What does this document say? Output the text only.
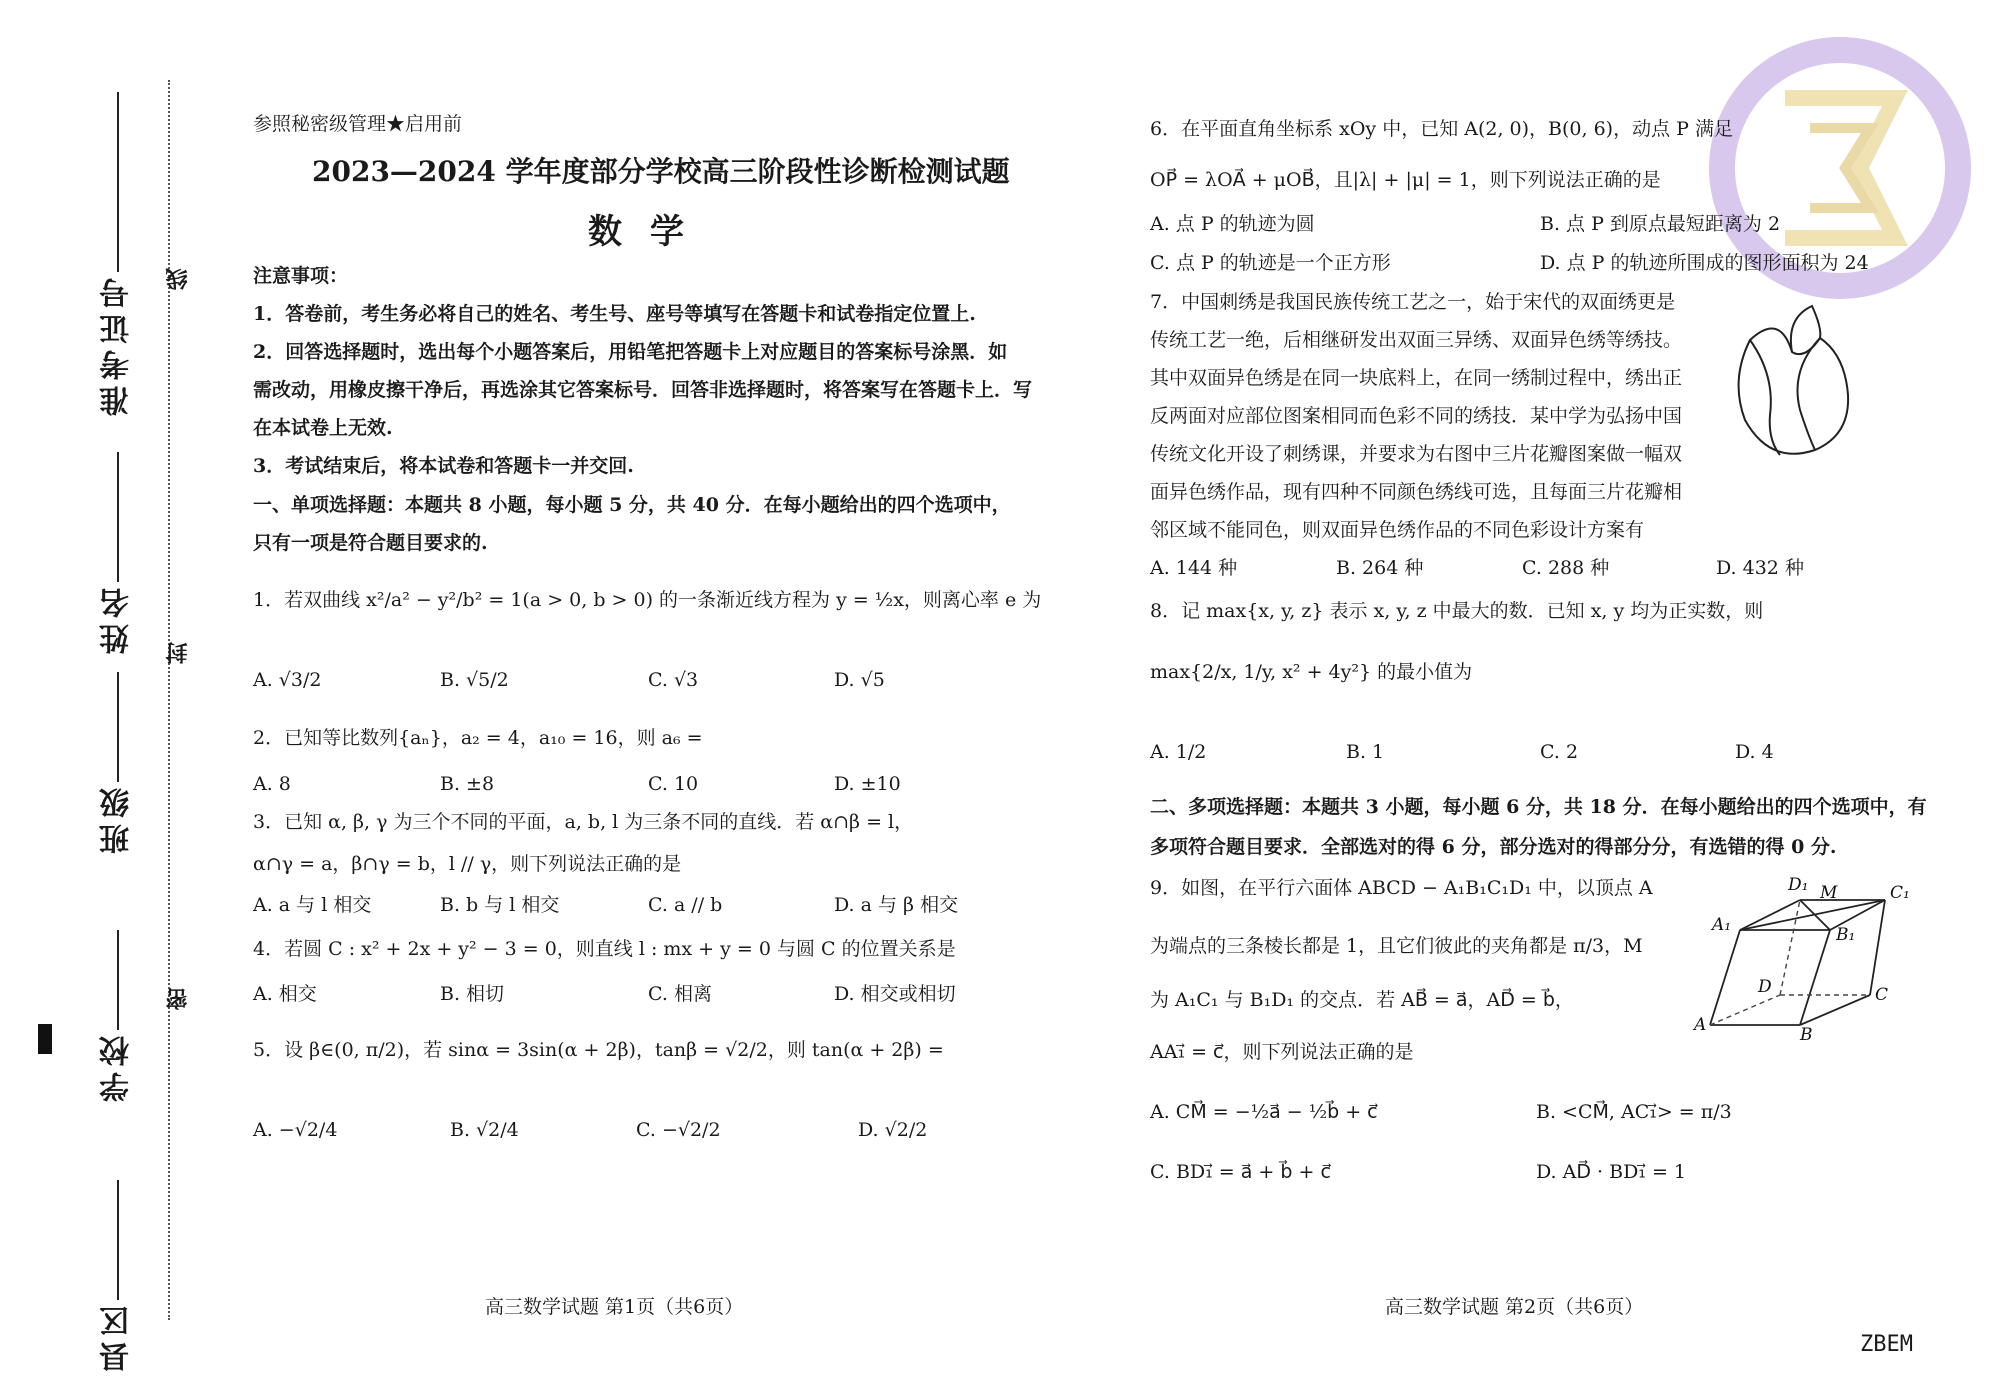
准考证号
姓名
班级
学校
县区
线
封
密
参照秘密级管理★启用前
2023—2024 学年度部分学校高三阶段性诊断检测试题
数学
注意事项：
1．答卷前，考生务必将自己的姓名、考生号、座号等填写在答题卡和试卷指定位置上.
2．回答选择题时，选出每个小题答案后，用铅笔把答题卡上对应题目的答案标号涂黑．如
需改动，用橡皮擦干净后，再选涂其它答案标号．回答非选择题时，将答案写在答题卡上．写
在本试卷上无效.
3．考试结束后，将本试卷和答题卡一并交回.
一、单项选择题：本题共 8 小题，每小题 5 分，共 40 分．在每小题给出的四个选项中，
只有一项是符合题目要求的.
1．若双曲线 x²/a² − y²/b² = 1(a > 0, b > 0) 的一条渐近线方程为 y = ½x，则离心率 e 为
A. √3/2	B. √5/2	C. √3	D. √5
2．已知等比数列{aₙ}，a₂ = 4，a₁₀ = 16，则 a₆ =
A. 8	B. ±8	C. 10	D. ±10
3．已知 α, β, γ 为三个不同的平面，a, b, l 为三条不同的直线．若 α∩β = l，
α∩γ = a，β∩γ = b，l // γ，则下列说法正确的是
A. a 与 l 相交	B. b 与 l 相交	C. a // b	D. a 与 β 相交
4．若圆 C : x² + 2x + y² − 3 = 0，则直线 l : mx + y = 0 与圆 C 的位置关系是
A. 相交	B. 相切	C. 相离	D. 相交或相切
5．设 β∈(0, π/2)，若 sinα = 3sin(α + 2β)，tanβ = √2/2，则 tan(α + 2β) =
A. −√2/4	B. √2/4	C. −√2/2	D. √2/2
高三数学试题 第1页（共6页）
6．在平面直角坐标系 xOy 中，已知 A(2, 0)，B(0, 6)，动点 P 满足
OP⃗ = λOA⃗ + μOB⃗，且|λ| + |μ| = 1，则下列说法正确的是
A. 点 P 的轨迹为圆	B. 点 P 到原点最短距离为 2
C. 点 P 的轨迹是一个正方形	D. 点 P 的轨迹所围成的图形面积为 24
7．中国刺绣是我国民族传统工艺之一，始于宋代的双面绣更是
传统工艺一绝，后相继研发出双面三异绣、双面异色绣等绣技。
其中双面异色绣是在同一块底料上，在同一绣制过程中，绣出正
反两面对应部位图案相同而色彩不同的绣技．某中学为弘扬中国
传统文化开设了刺绣课，并要求为右图中三片花瓣图案做一幅双
面异色绣作品，现有四种不同颜色绣线可选，且每面三片花瓣相
邻区域不能同色，则双面异色绣作品的不同色彩设计方案有
A. 144 种	B. 264 种	C. 288 种	D. 432 种
8．记 max{x, y, z} 表示 x, y, z 中最大的数．已知 x, y 均为正实数，则
max{2/x, 1/y, x² + 4y²} 的最小值为
A. 1/2	B. 1	C. 2	D. 4
二、多项选择题：本题共 3 小题，每小题 6 分，共 18 分．在每小题给出的四个选项中，有
多项符合题目要求．全部选对的得 6 分，部分选对的得部分分，有选错的得 0 分.
9．如图，在平行六面体 ABCD − A₁B₁C₁D₁ 中，以顶点 A
为端点的三条棱长都是 1，且它们彼此的夹角都是 π/3，M
为 A₁C₁ 与 B₁D₁ 的交点．若 AB⃗ = a⃗，AD⃗ = b⃗，
AA₁⃗ = c⃗，则下列说法正确的是
D₁ M	C₁
A₁	B₁
D	C
A	B
A. CM⃗ = −½a⃗ − ½b⃗ + c⃗	B. <CM⃗, AC₁⃗> = π/3
C. BD₁⃗ = a⃗ + b⃗ + c⃗	D. AD⃗ · BD₁⃗ = 1
高三数学试题 第2页（共6页）
ZBEM
